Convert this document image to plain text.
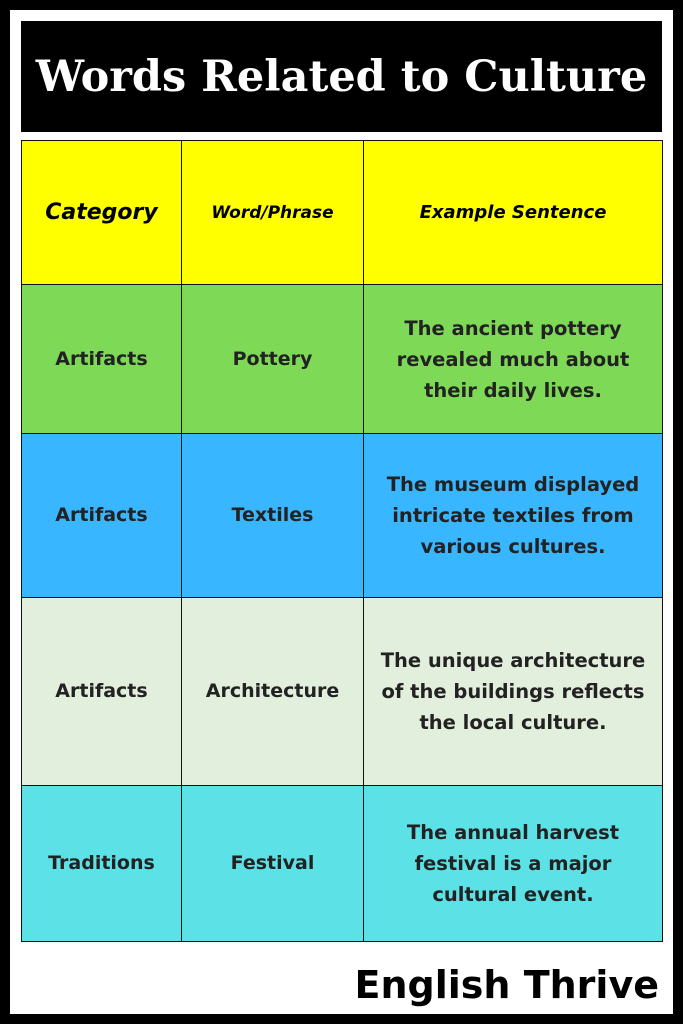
Words Related to Culture
Category	Word/Phrase	Example Sentence
Artifacts	Pottery	The ancient pottery revealed much about their daily lives.
Artifacts	Textiles	The museum displayed intricate textiles from various cultures.
Artifacts	Architecture	The unique architecture of the buildings reflects the local culture.
Traditions	Festival	The annual harvest festival is a major cultural event.
English Thrive
